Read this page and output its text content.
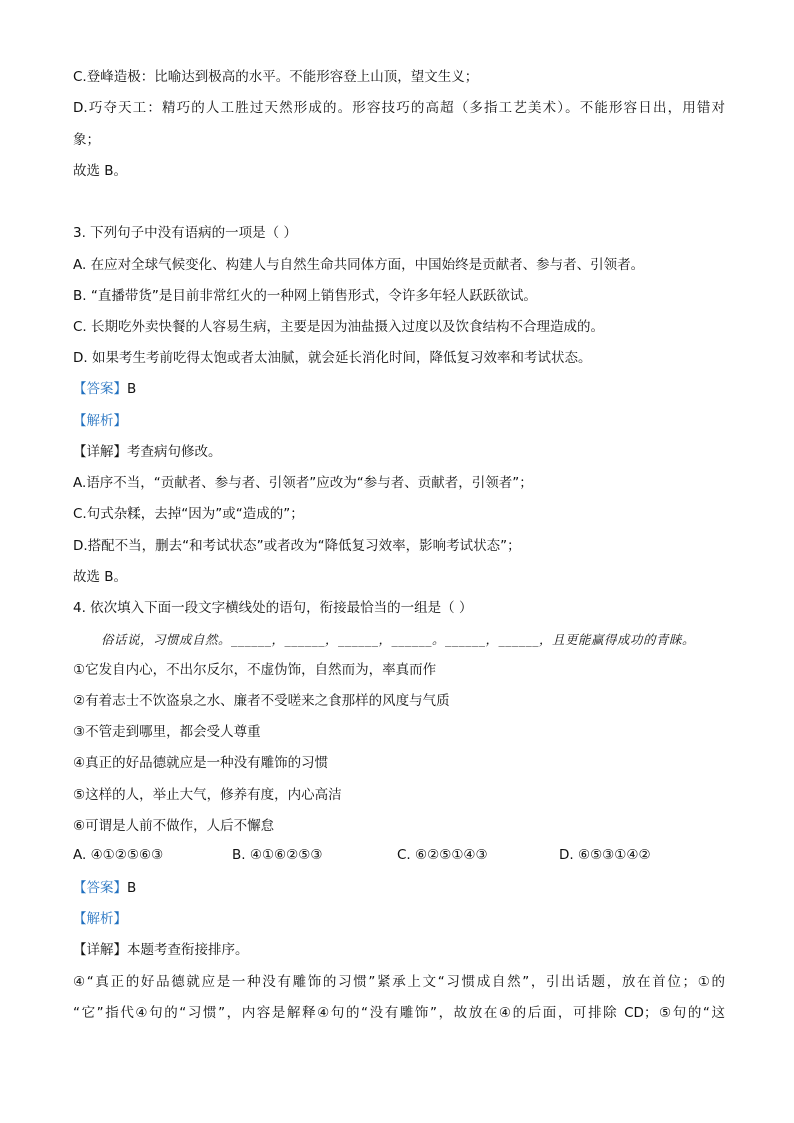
C.登峰造极：比喻达到极高的水平。不能形容登上山顶，望文生义；
D.巧夺天工：精巧的人工胜过天然形成的。形容技巧的高超（多指工艺美术）。不能形容日出，用错对
象；
故选 B。
3. 下列句子中没有语病的一项是（ ）
A. 在应对全球气候变化、构建人与自然生命共同体方面，中国始终是贡献者、参与者、引领者。
B. “直播带货”是目前非常红火的一种网上销售形式，令许多年轻人跃跃欲试。
C. 长期吃外卖快餐的人容易生病，主要是因为油盐摄入过度以及饮食结构不合理造成的。
D. 如果考生考前吃得太饱或者太油腻，就会延长消化时间，降低复习效率和考试状态。
【答案】B
【解析】
【详解】考查病句修改。
A.语序不当，“贡献者、参与者、引领者”应改为“参与者、贡献者，引领者”；
C.句式杂糅，去掉“因为”或“造成的”；
D.搭配不当，删去“和考试状态”或者改为“降低复习效率，影响考试状态”；
故选 B。
4. 依次填入下面一段文字横线处的语句，衔接最恰当的一组是（ ）
俗话说，习惯成自然。______，______，______，______。______，______，且更能赢得成功的青睐。
①它发自内心，不出尔反尔，不虚伪饰，自然而为，率真而作
②有着志士不饮盗泉之水、廉者不受嗟来之食那样的风度与气质
③不管走到哪里，都会受人尊重
④真正的好品德就应是一种没有雕饰的习惯
⑤这样的人，举止大气，修养有度，内心高洁
⑥可谓是人前不做作，人后不懈怠
A. ④①②⑤⑥③	B. ④①⑥②⑤③	C. ⑥②⑤①④③	D. ⑥⑤③①④②
【答案】B
【解析】
【详解】本题考查衔接排序。
④“真正的好品德就应是一种没有雕饰的习惯”紧承上文“习惯成自然”，引出话题，放在首位；①的
“它”指代④句的“习惯”，内容是解释④句的“没有雕饰”，故放在④的后面，可排除 CD；⑤句的“这
